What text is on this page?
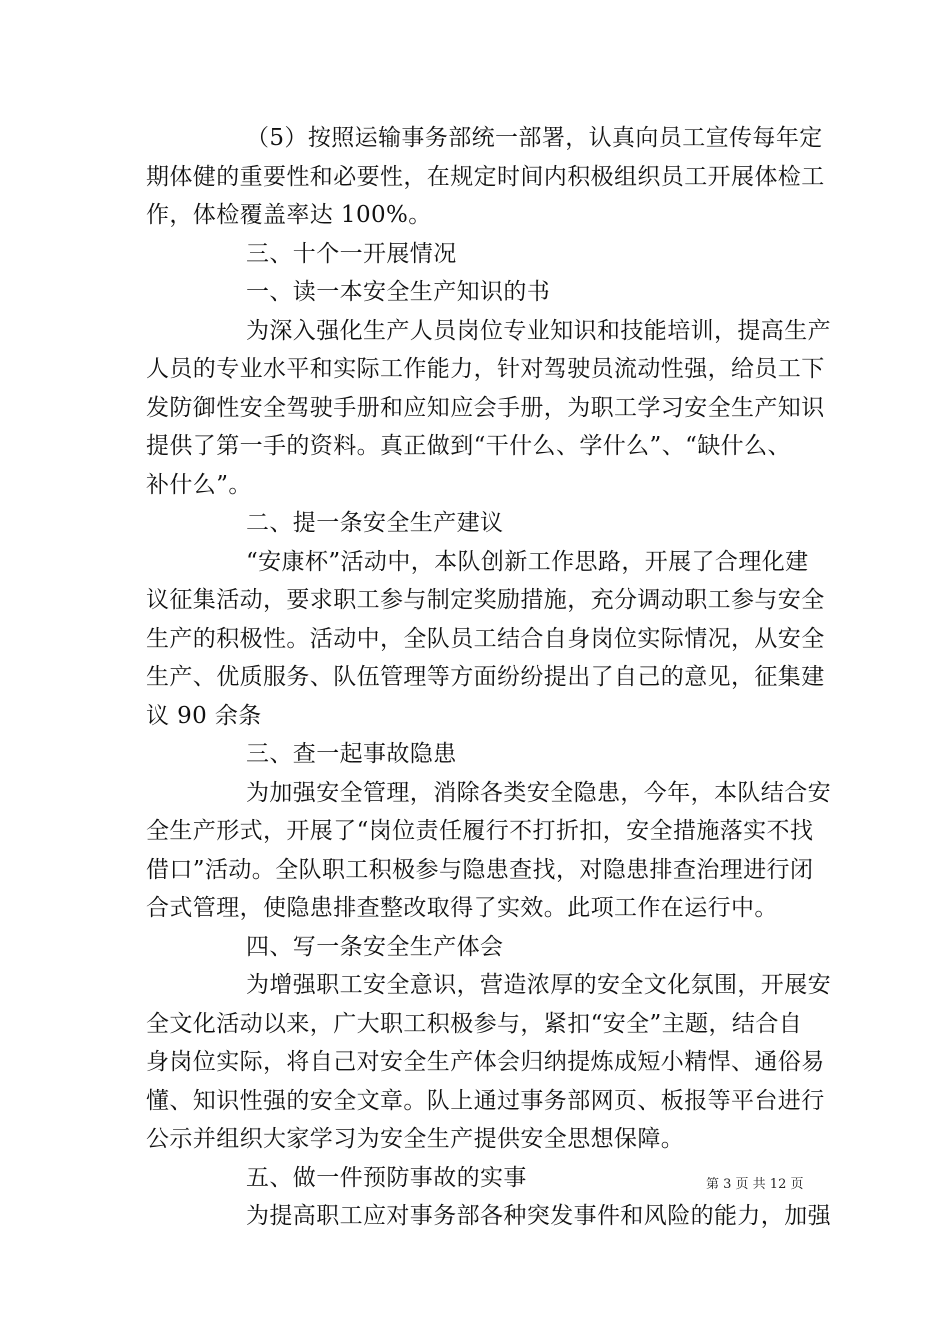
（5）按照运输事务部统一部署，认真向员工宣传每年定
期体健的重要性和必要性，在规定时间内积极组织员工开展体检工
作，体检覆盖率达 100%。
三、十个一开展情况
一、读一本安全生产知识的书
为深入强化生产人员岗位专业知识和技能培训，提高生产
人员的专业水平和实际工作能力，针对驾驶员流动性强，给员工下
发防御性安全驾驶手册和应知应会手册，为职工学习安全生产知识
提供了第一手的资料。真正做到“干什么、学什么”、“缺什么、
补什么”。
二、提一条安全生产建议
“安康杯”活动中，本队创新工作思路，开展了合理化建
议征集活动，要求职工参与制定奖励措施，充分调动职工参与安全
生产的积极性。活动中，全队员工结合自身岗位实际情况，从安全
生产、优质服务、队伍管理等方面纷纷提出了自己的意见，征集建
议 90 余条
三、查一起事故隐患
为加强安全管理，消除各类安全隐患，今年，本队结合安
全生产形式，开展了“岗位责任履行不打折扣，安全措施落实不找
借口”活动。全队职工积极参与隐患查找，对隐患排查治理进行闭
合式管理，使隐患排查整改取得了实效。此项工作在运行中。
四、写一条安全生产体会
为增强职工安全意识，营造浓厚的安全文化氛围，开展安
全文化活动以来，广大职工积极参与，紧扣“安全”主题，结合自
身岗位实际，将自己对安全生产体会归纳提炼成短小精悍、通俗易
懂、知识性强的安全文章。队上通过事务部网页、板报等平台进行
公示并组织大家学习为安全生产提供安全思想保障。
五、做一件预防事故的实事
为提高职工应对事务部各种突发事件和风险的能力，加强
第 3 页 共 12 页
